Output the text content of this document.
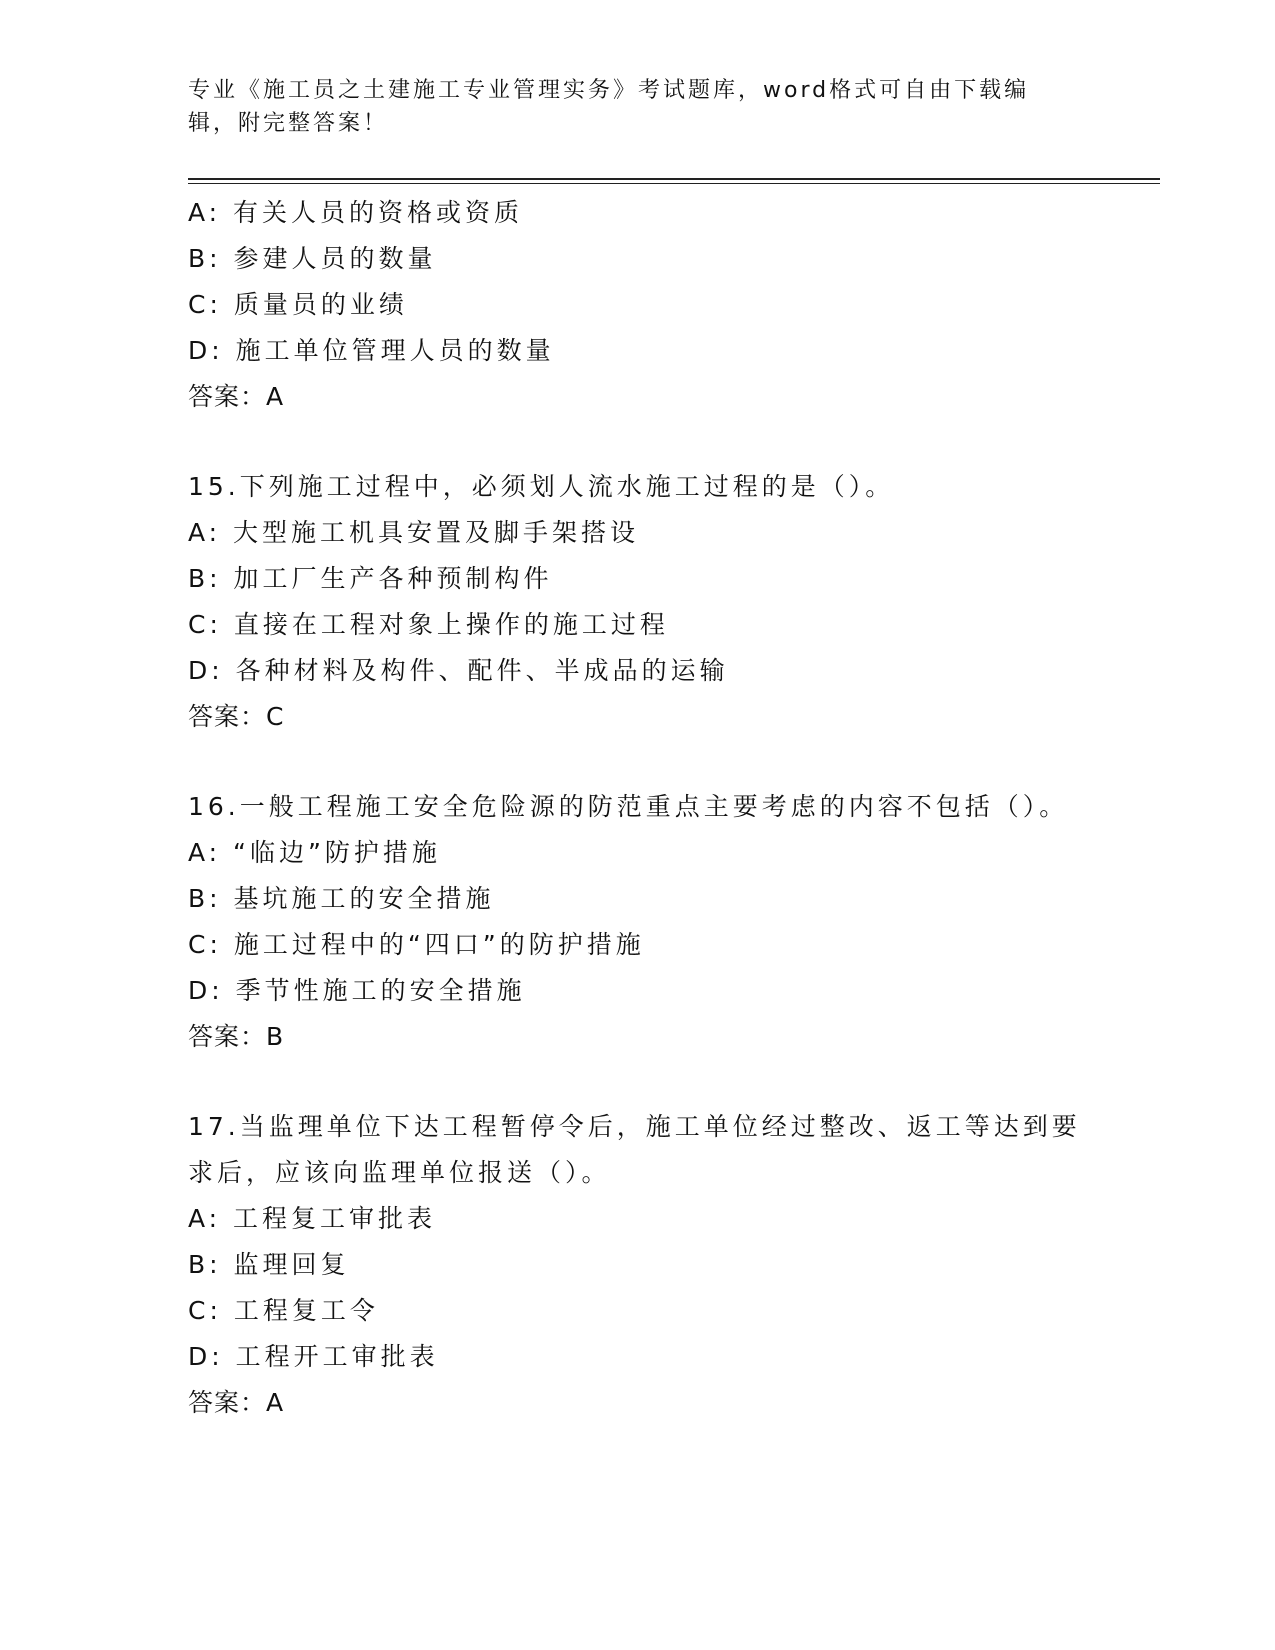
专业《施工员之土建施工专业管理实务》考试题库，word格式可自由下载编辑，附完整答案！
A: 有关人员的资格或资质
B: 参建人员的数量
C: 质量员的业绩
D: 施工单位管理人员的数量
答案：A
15.下列施工过程中，必须划人流水施工过程的是（）。
A: 大型施工机具安置及脚手架搭设
B: 加工厂生产各种预制构件
C: 直接在工程对象上操作的施工过程
D: 各种材料及构件、配件、半成品的运输
答案：C
16.一般工程施工安全危险源的防范重点主要考虑的内容不包括（）。
A: “临边”防护措施
B: 基坑施工的安全措施
C: 施工过程中的“四口”的防护措施
D: 季节性施工的安全措施
答案：B
17.当监理单位下达工程暂停令后，施工单位经过整改、返工等达到要求后，应该向监理单位报送（）。
A: 工程复工审批表
B: 监理回复
C: 工程复工令
D: 工程开工审批表
答案：A
